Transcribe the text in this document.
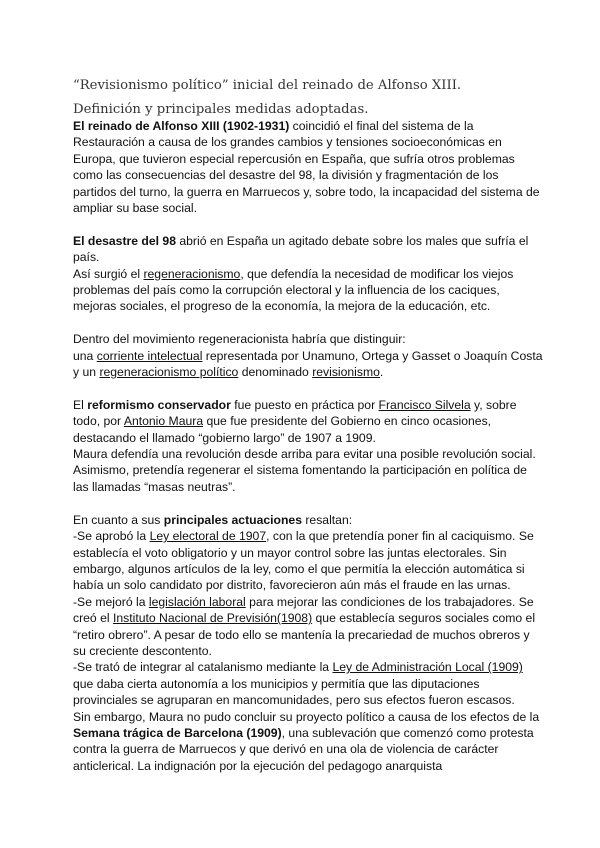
“Revisionismo político” inicial del reinado de Alfonso XIII. Definición y principales medidas adoptadas.

El reinado de Alfonso XIII (1902-1931) coincidió el final del sistema de la Restauración a causa de los grandes cambios y tensiones socioeconómicas en Europa, que tuvieron especial repercusión en España, que sufría otros problemas como las consecuencias del desastre del 98, la división y fragmentación de los partidos del turno, la guerra en Marruecos y, sobre todo, la incapacidad del sistema de ampliar su base social.

El desastre del 98 abrió en España un agitado debate sobre los males que sufría el país.

Así surgió el regeneracionismo, que defendía la necesidad de modificar los viejos problemas del país como la corrupción electoral y la influencia de los caciques, mejoras sociales, el progreso de la economía, la mejora de la educación, etc.

Dentro del movimiento regeneracionista habría que distinguir:

una corriente intelectual representada por Unamuno, Ortega y Gasset o Joaquín Costa y un regeneracionismo político denominado revisionismo.

El reformismo conservador fue puesto en práctica por Francisco Silvela y, sobre todo, por Antonio Maura que fue presidente del Gobierno en cinco ocasiones, destacando el llamado “gobierno largo” de 1907 a 1909.

Maura defendía una revolución desde arriba para evitar una posible revolución social. Asimismo, pretendía regenerar el sistema fomentando la participación en política de las llamadas “masas neutras”.

En cuanto a sus principales actuaciones resaltan:

-Se aprobó la Ley electoral de 1907, con la que pretendía poner fin al caciquismo. Se establecía el voto obligatorio y un mayor control sobre las juntas electorales. Sin embargo, algunos artículos de la ley, como el que permitía la elección automática si había un solo candidato por distrito, favorecieron aún más el fraude en las urnas.

-Se mejoró la legislación laboral para mejorar las condiciones de los trabajadores. Se creó el Instituto Nacional de Previsión(1908) que establecía seguros sociales como el “retiro obrero”. A pesar de todo ello se mantenía la precariedad de muchos obreros y su creciente descontento.

-Se trató de integrar al catalanismo mediante la Ley de Administración Local (1909) que daba cierta autonomía a los municipios y permitía que las diputaciones provinciales se agruparan en mancomunidades, pero sus efectos fueron escasos.

Sin embargo, Maura no pudo concluir su proyecto político a causa de los efectos de la Semana trágica de Barcelona (1909), una sublevación que comenzó como protesta contra la guerra de Marruecos y que derivó en una ola de violencia de carácter anticlerical. La indignación por la ejecución del pedagogo anarquista
